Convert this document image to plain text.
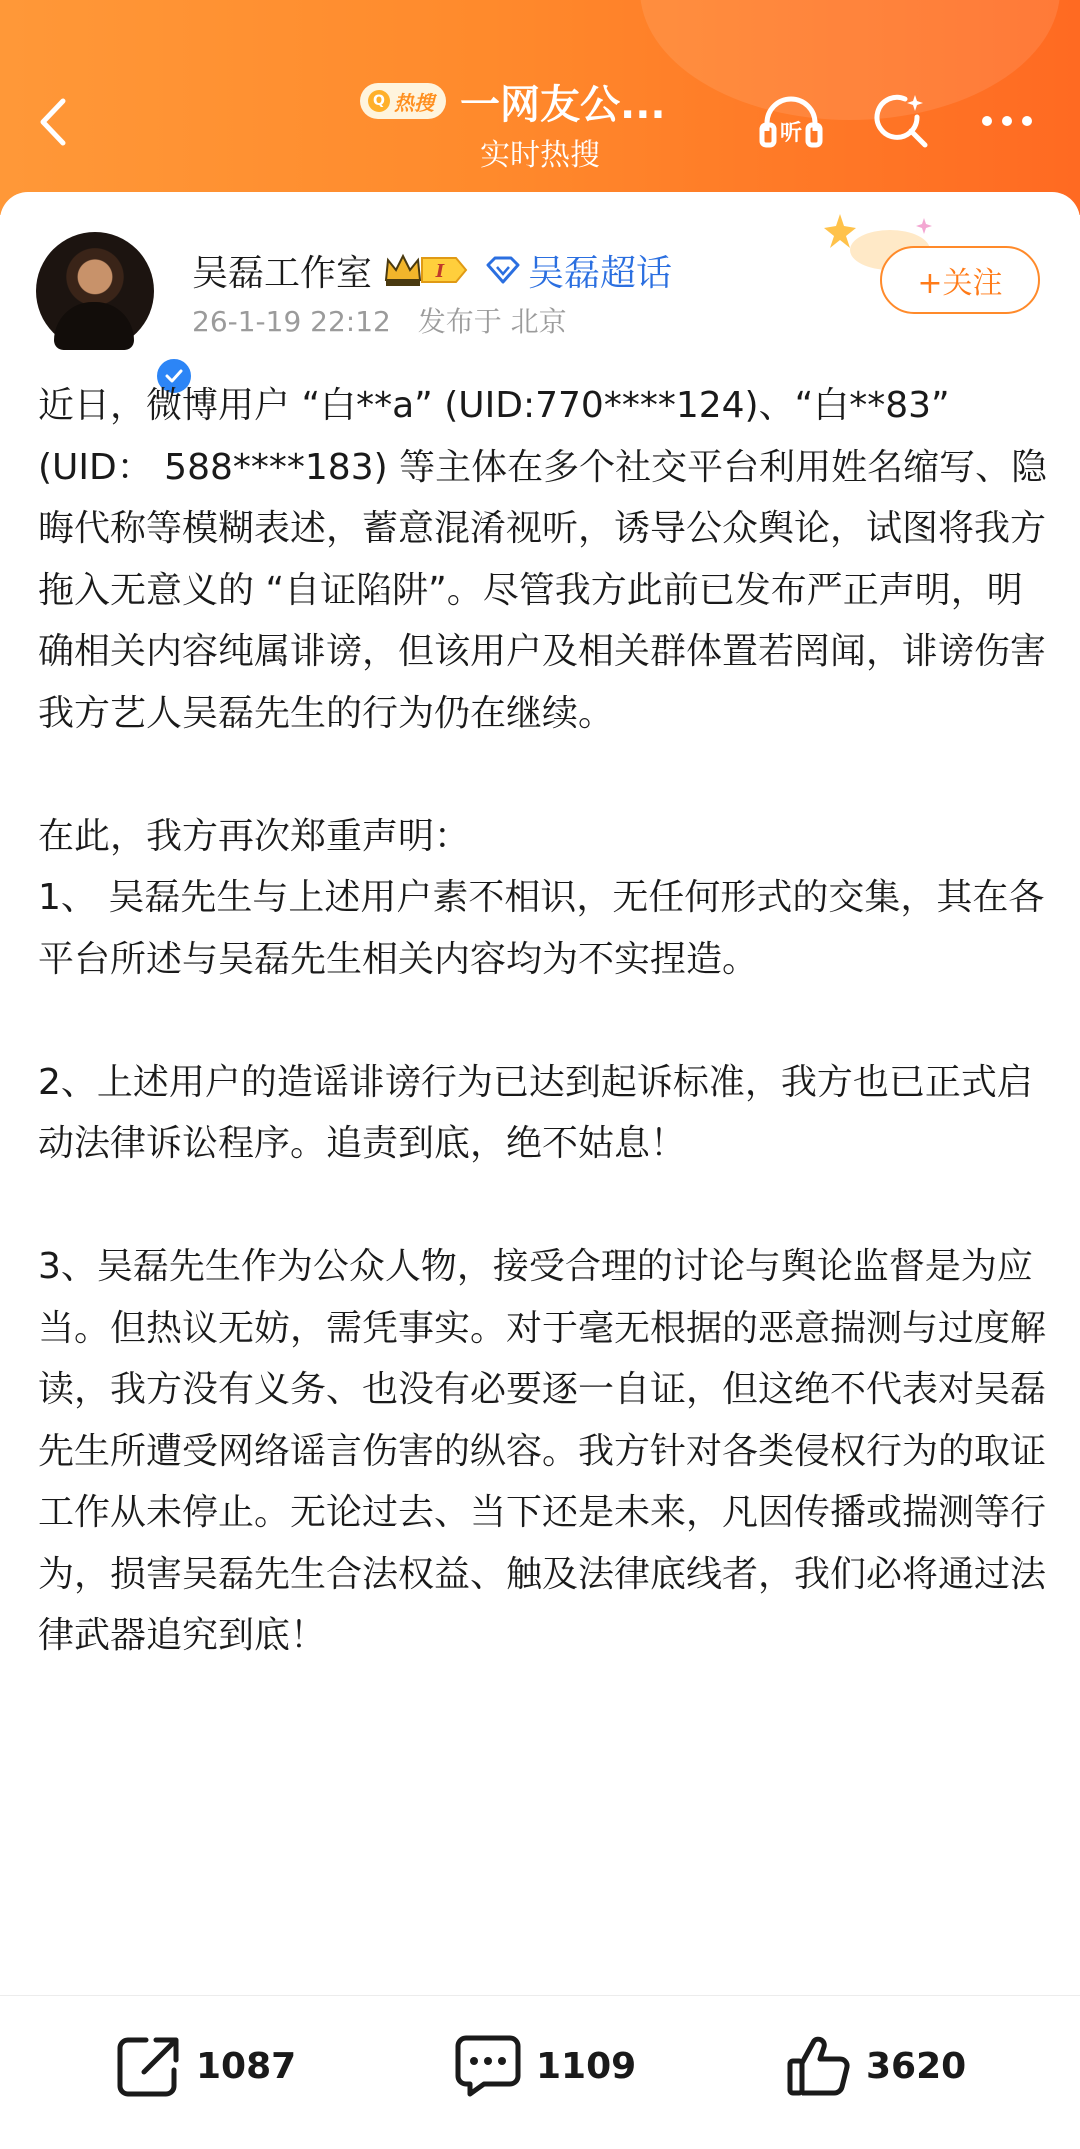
Q 热搜 一网友公...
实时热搜
听
吴磊工作室	I 吴磊超话
26-1-19 22:12 发布于 北京
+关注

近日，微博用户 “白**a” (UID:770****124)、“白**83” (UID： 588****183) 等主体在多个社交平台利用姓名缩写、隐晦代称等模糊表述，蓄意混淆视听，诱导公众舆论，试图将我方拖入无意义的 “自证陷阱”。尽管我方此前已发布严正声明，明确相关内容纯属诽谤，但该用户及相关群体置若罔闻，诽谤伤害我方艺人吴磊先生的行为仍在继续。

在此，我方再次郑重声明：

1、 吴磊先生与上述用户素不相识，无任何形式的交集，其在各平台所述与吴磊先生相关内容均为不实捏造。

2、上述用户的造谣诽谤行为已达到起诉标准，我方也已正式启动法律诉讼程序。追责到底，绝不姑息！

3、吴磊先生作为公众人物，接受合理的讨论与舆论监督是为应当。但热议无妨，需凭事实。对于毫无根据的恶意揣测与过度解读，我方没有义务、也没有必要逐一自证，但这绝不代表对吴磊先生所遭受网络谣言伤害的纵容。我方针对各类侵权行为的取证工作从未停止。无论过去、当下还是未来，凡因传播或揣测等行为，损害吴磊先生合法权益、触及法律底线者，我们必将通过法律武器追究到底！

1087	1109	3620
